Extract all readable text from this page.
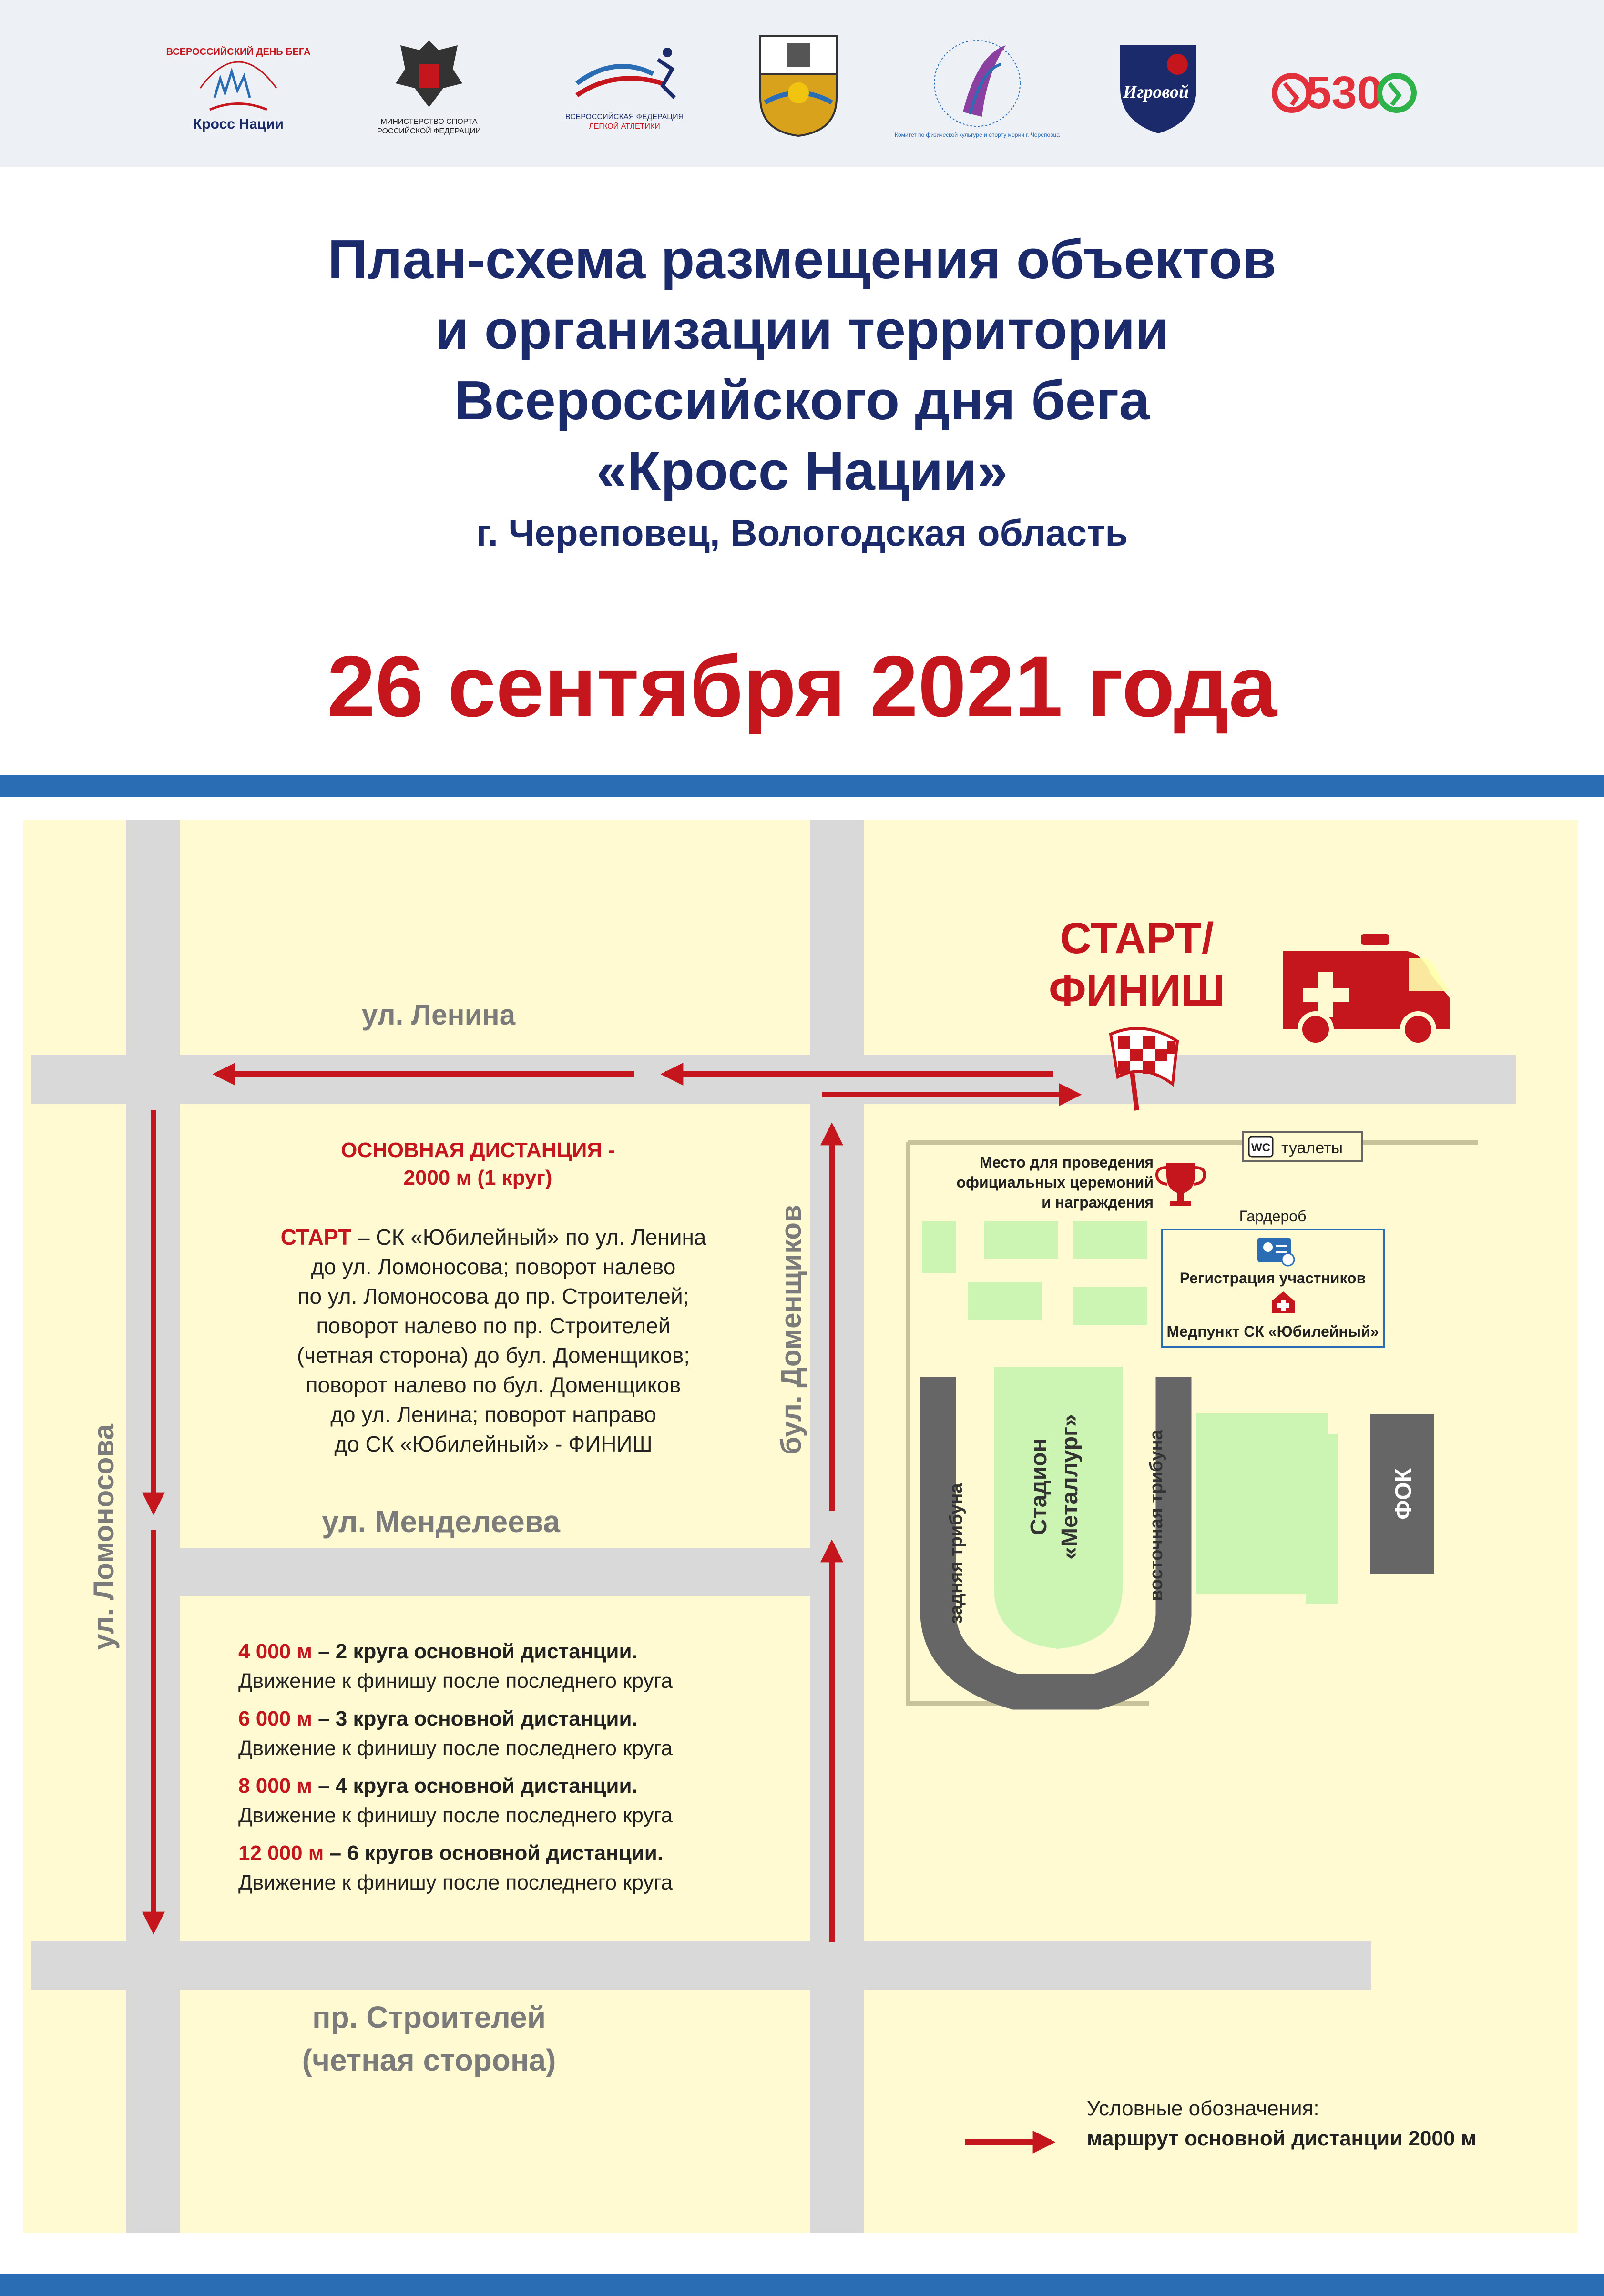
ВСЕРОССИЙСКИЙ ДЕНЬ БЕГА
Кросс Нации	МИНИСТЕРСТВО СПОРТА
РОССИЙСКОЙ ФЕДЕРАЦИИ
ВСЕРОССИЙСКАЯ ФЕДЕРАЦИЯ
ЛЕГКОЙ АТЛЕТИКИ
Комитет по физической культуре и спорту мэрии г. Череповца
Игровой	530
План-схема размещения объектов
и организации территории
Всероссийского дня бега
«Кросс Нации»
г. Череповец, Вологодская область
26 сентября 2021 года
ул. Ленина
ул. Менделеева
ул. Ломоносова
бул. Доменщиков
пр. Строителей
(четная сторона)
СТАРТ/
ФИНИШ
задняя трибуна	восточная трибуна
Стадион «Металлург»	ФОК
Место для проведения
официальных церемоний
и награждения
WC туалеты
Гардероб
Регистрация участников
Медпункт СК «Юбилейный»
ОСНОВНАЯ ДИСТАНЦИЯ -
2000 м (1 круг)
СТАРТ – СК «Юбилейный» по ул. Ленина
до ул. Ломоносова; поворот налево
по ул. Ломоносова до пр. Строителей;
поворот налево по пр. Строителей
(четная сторона) до бул. Доменщиков;
поворот налево по бул. Доменщиков
до ул. Ленина; поворот направо
до СК «Юбилейный» - ФИНИШ
4 000 м – 2 круга основной дистанции.
Движение к финишу после последнего круга
6 000 м – 3 круга основной дистанции.
Движение к финишу после последнего круга
8 000 м – 4 круга основной дистанции.
Движение к финишу после последнего круга
12 000 м – 6 кругов основной дистанции.
Движение к финишу после последнего круга
Условные обозначения:
маршрут основной дистанции 2000 м
